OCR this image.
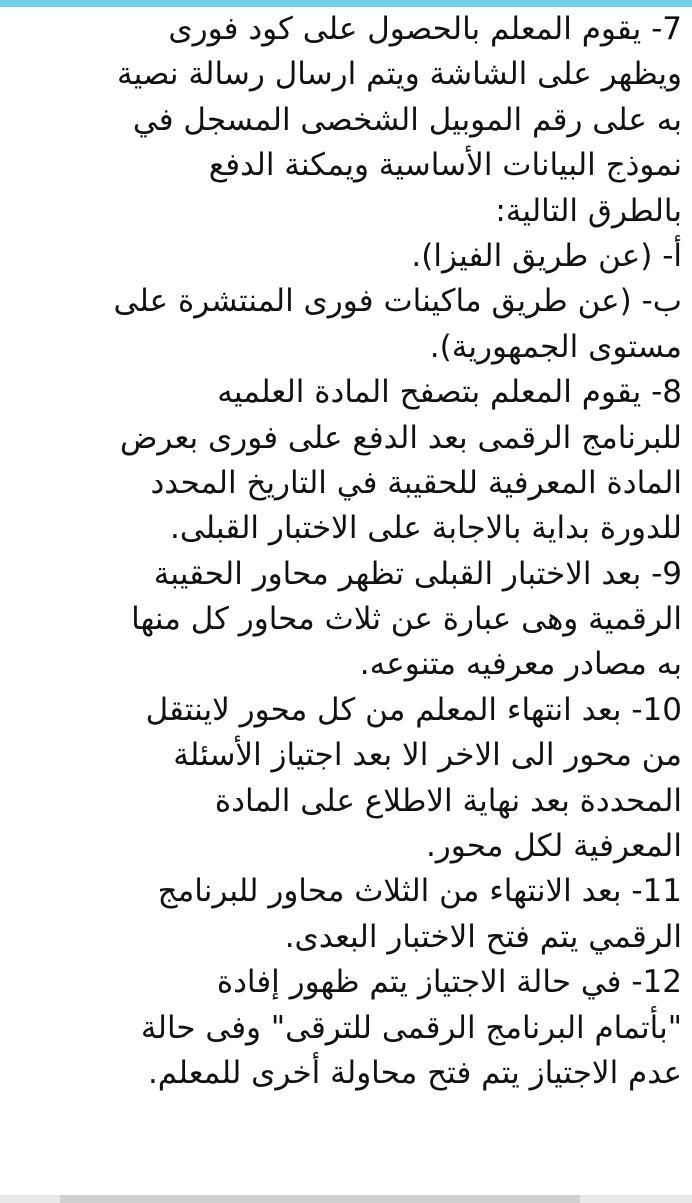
7- يقوم المعلم بالحصول على كود فورى
ويظهر على الشاشة ويتم ارسال رسالة نصية
به على رقم الموبيل الشخصى المسجل في
نموذج البيانات الأساسية ويمكنة الدفع
بالطرق التالية:
أ- (عن طريق الفيزا).
ب- (عن طريق ماكينات فورى المنتشرة على
مستوى الجمهورية).
8- يقوم المعلم بتصفح المادة العلميه
للبرنامج الرقمى بعد الدفع على فورى بعرض
المادة المعرفية للحقيبة في التاريخ المحدد
للدورة بداية بالاجابة على الاختبار القبلى.
9- بعد الاختبار القبلى تظهر محاور الحقيبة
الرقمية وهى عبارة عن ثلاث محاور كل منها
به مصادر معرفيه متنوعه.
10- بعد انتهاء المعلم من كل محور لاينتقل
من محور الى الاخر الا بعد اجتياز الأسئلة
المحددة بعد نهاية الاطلاع على المادة
المعرفية لكل محور.
11- بعد الانتهاء من الثلاث محاور للبرنامج
الرقمي يتم فتح الاختبار البعدى.
12- في حالة الاجتياز يتم ظهور إفادة
"بأتمام البرنامج الرقمى للترقى" وفى حالة
عدم الاجتياز يتم فتح محاولة أخرى للمعلم.
